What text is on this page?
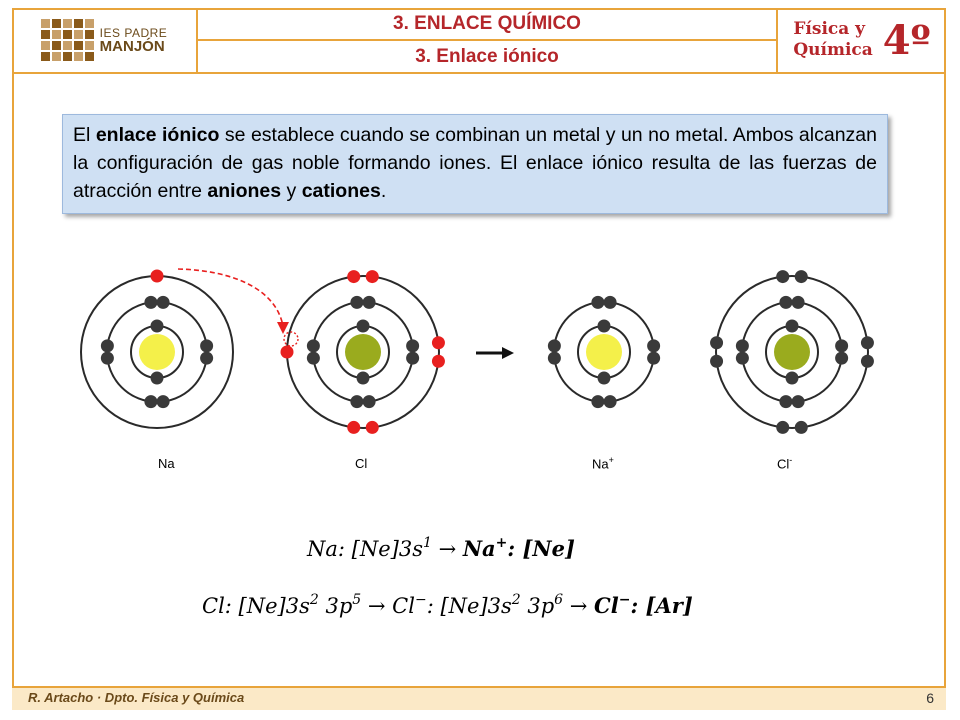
IES PADRE
MANJÓN
3. ENLACE QUÍMICO
3. Enlace iónico
Física y
Química 4º
El enlace iónico se establece cuando se combinan un metal y un no metal. Ambos alcanzan la configuración de gas noble formando iones. El enlace iónico resulta de las fuerzas de atracción entre aniones y cationes.
Na	Cl	Na+	Cl-
Na: $[Ne]3s^1 \to Na^+$: [Ne]
Cl: $[Ne]3s^2$ $3p^5 \to Cl^-$: $[Ne]3s^2$ $3p^6 \to Cl^-$: [Ar]
R. Artacho · Dpto. Física y Química	6
